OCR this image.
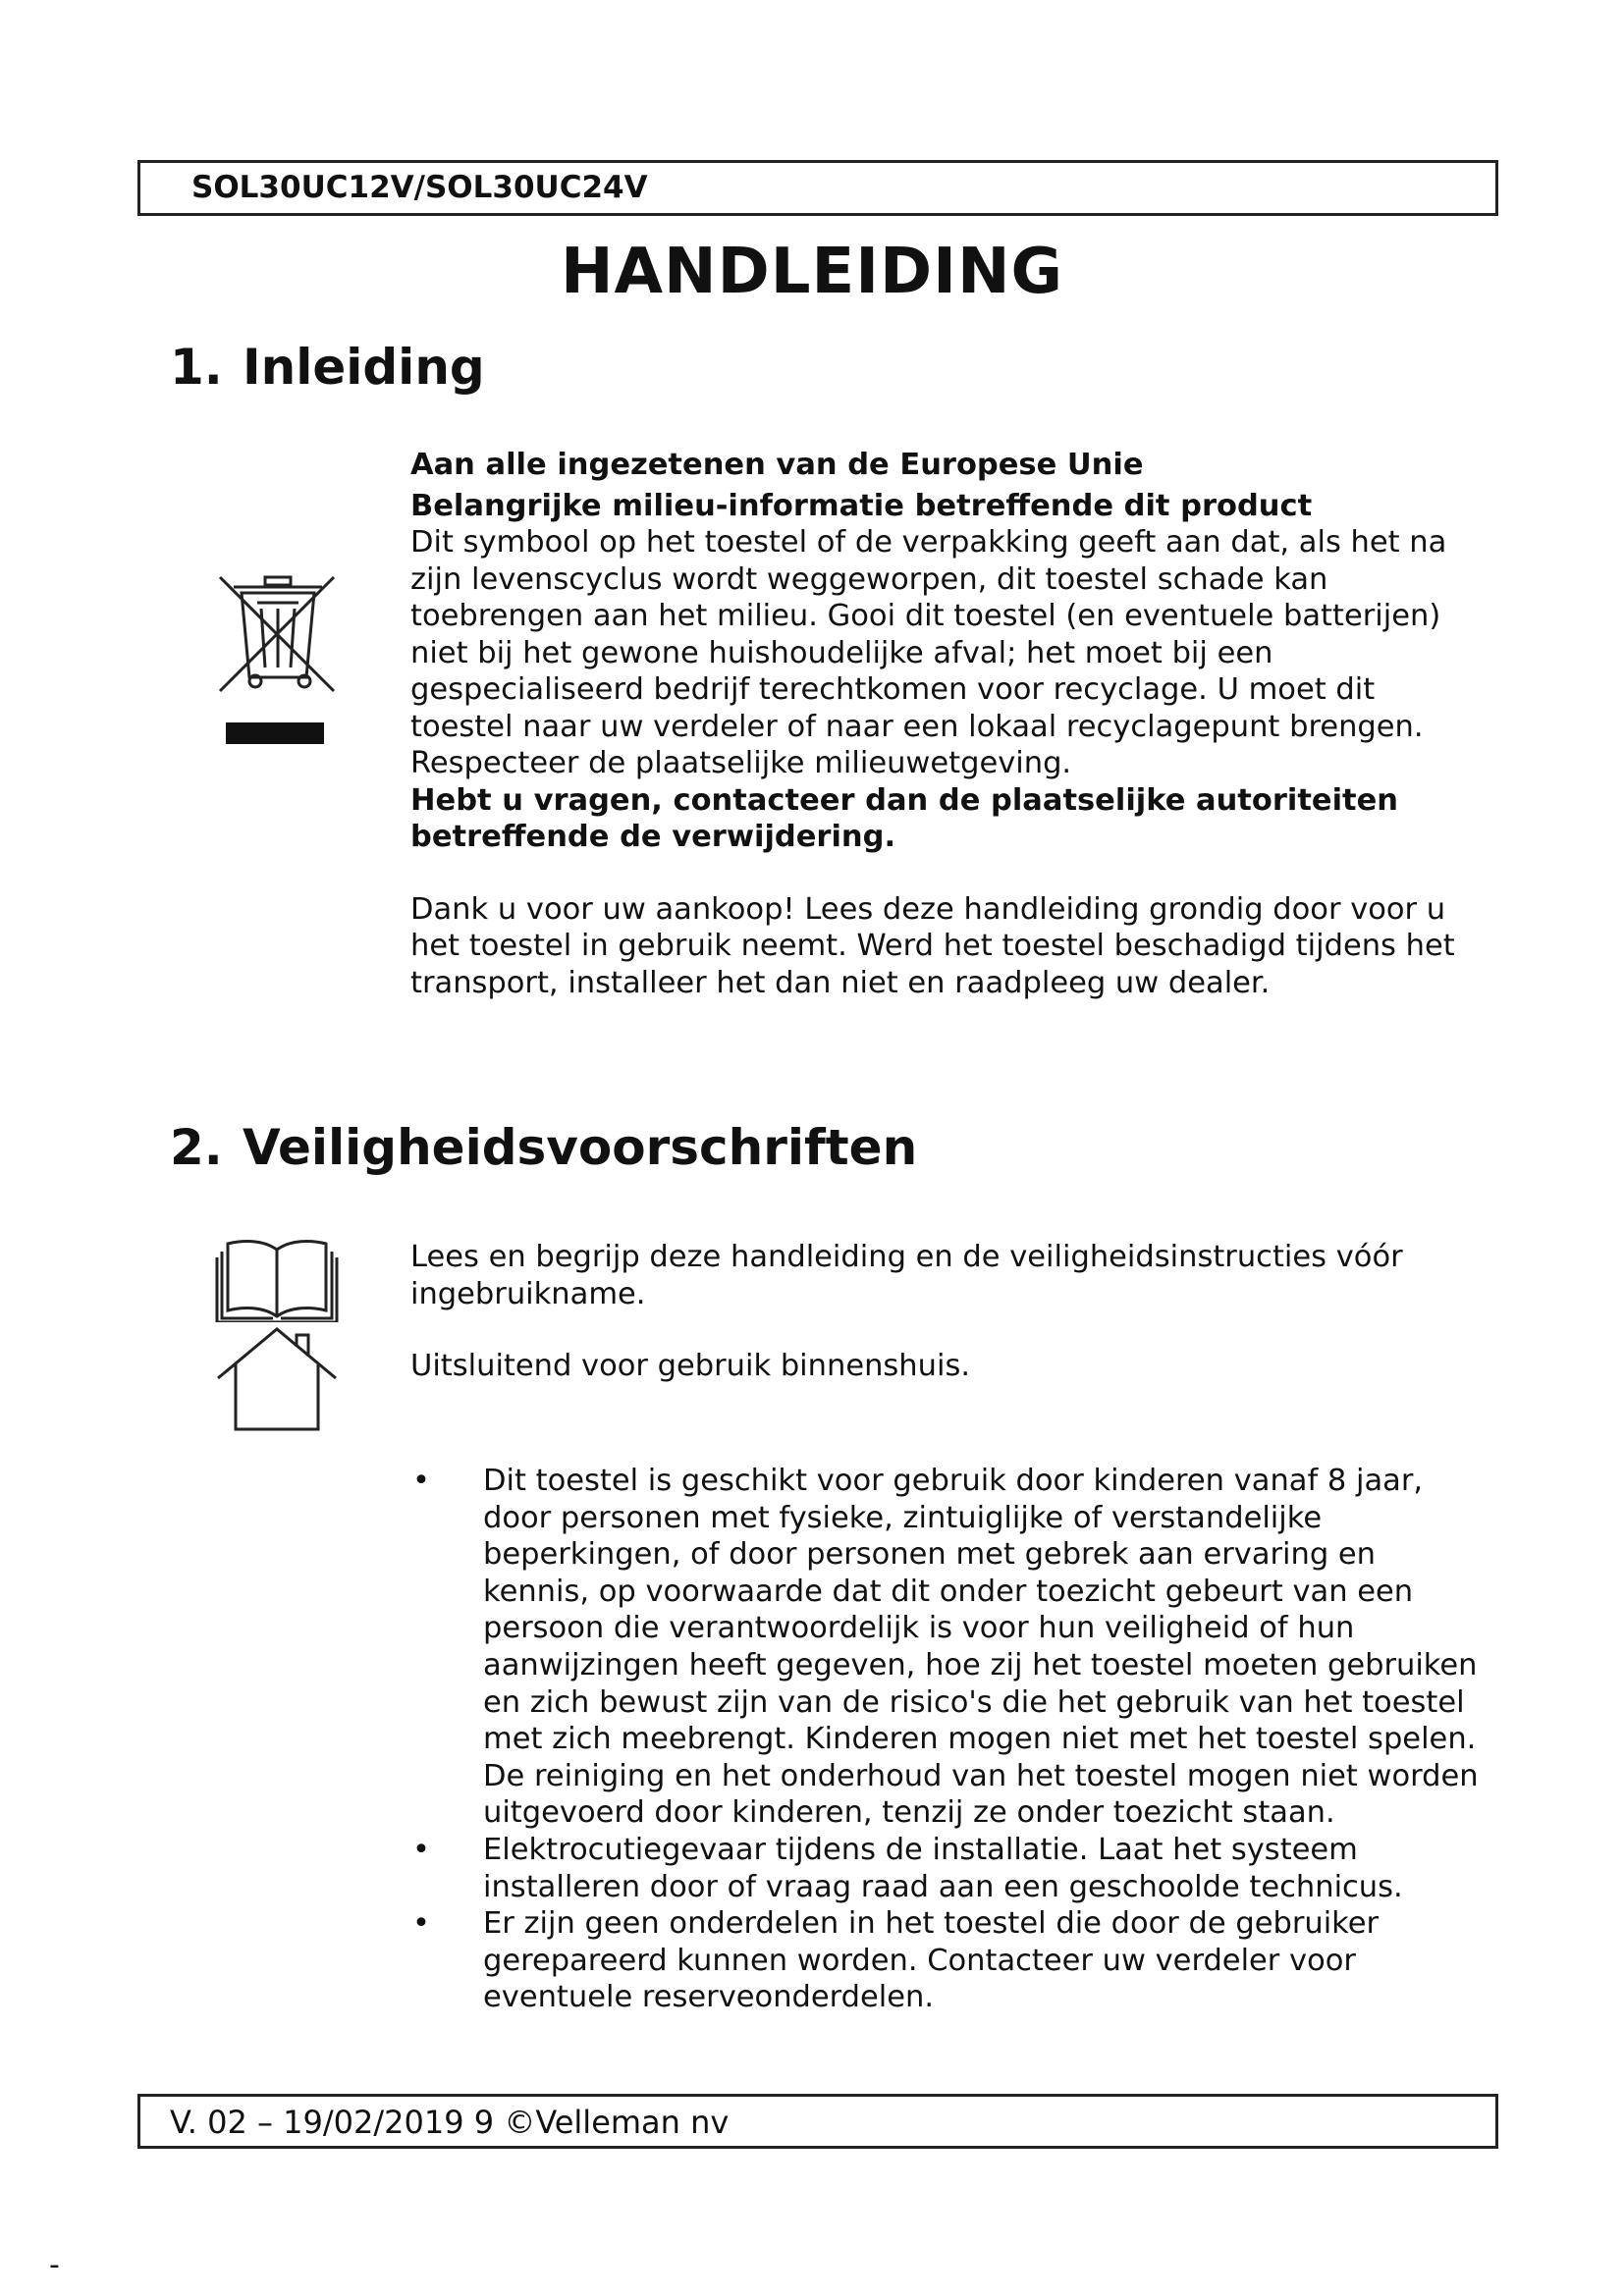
SOL30UC12V/SOL30UC24V
HANDLEIDING
1. Inleiding

Aan alle ingezetenen van de Europese Unie

Belangrijke milieu-informatie betreffende dit product

Dit symbool op het toestel of de verpakking geeft aan dat, als het na zijn levenscyclus wordt weggeworpen, dit toestel schade kan toebrengen aan het milieu. Gooi dit toestel (en eventuele batterijen) niet bij het gewone huishoudelijke afval; het moet bij een gespecialiseerd bedrijf terechtkomen voor recyclage. U moet dit toestel naar uw verdeler of naar een lokaal recyclagepunt brengen. Respecteer de plaatselijke milieuwetgeving.

Hebt u vragen, contacteer dan de plaatselijke autoriteiten betreffende de verwijdering.

Dank u voor uw aankoop! Lees deze handleiding grondig door voor u het toestel in gebruik neemt. Werd het toestel beschadigd tijdens het transport, installeer het dan niet en raadpleeg uw dealer.

2. Veiligheidsvoorschriften

Lees en begrijp deze handleiding en de veiligheidsinstructies vóór ingebruikname.

Uitsluitend voor gebruik binnenshuis.

• Dit toestel is geschikt voor gebruik door kinderen vanaf 8 jaar, door personen met fysieke, zintuiglijke of verstandelijke beperkingen, of door personen met gebrek aan ervaring en kennis, op voorwaarde dat dit onder toezicht gebeurt van een persoon die verantwoordelijk is voor hun veiligheid of hun aanwijzingen heeft gegeven, hoe zij het toestel moeten gebruiken en zich bewust zijn van de risico's die het gebruik van het toestel met zich meebrengt. Kinderen mogen niet met het toestel spelen. De reiniging en het onderhoud van het toestel mogen niet worden uitgevoerd door kinderen, tenzij ze onder toezicht staan.
• Elektrocutiegevaar tijdens de installatie. Laat het systeem installeren door of vraag raad aan een geschoolde technicus.
• Er zijn geen onderdelen in het toestel die door de gebruiker gerepareerd kunnen worden. Contacteer uw verdeler voor eventuele reserveonderdelen.
V. 02 – 19/02/2019 9 ©Velleman nv
-
